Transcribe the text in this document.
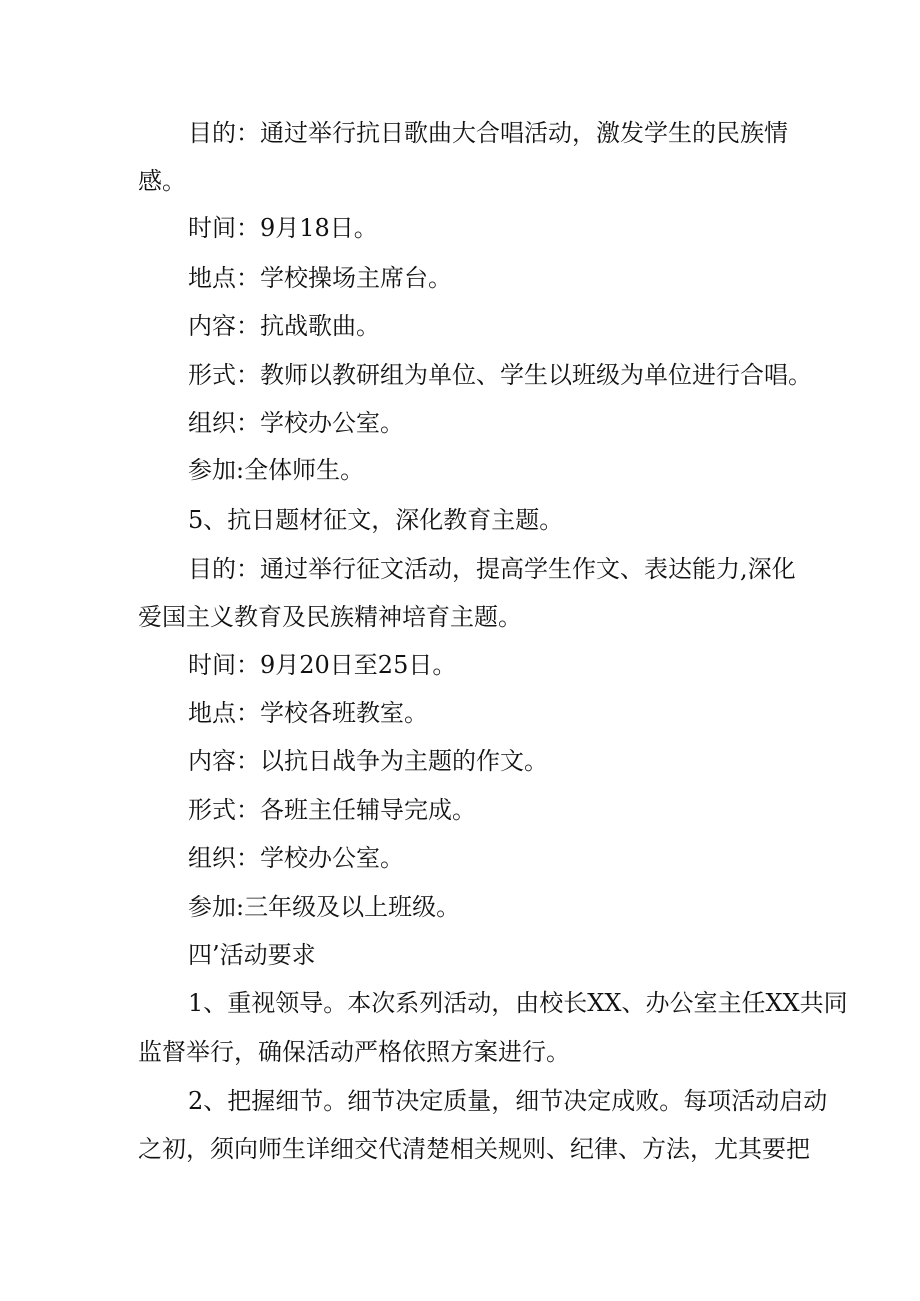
目的：通过举行抗日歌曲大合唱活动，激发学生的民族情
感。
时间：9月18日。
地点：学校操场主席台。
内容：抗战歌曲。
形式：教师以教研组为单位、学生以班级为单位进行合唱。
组织：学校办公室。
参加:全体师生。
5、抗日题材征文，深化教育主题。
目的：通过举行征文活动，提高学生作文、表达能力,深化
爱国主义教育及民族精神培育主题。
时间：9月20日至25日。
地点：学校各班教室。
内容：以抗日战争为主题的作文。
形式：各班主任辅导完成。
组织：学校办公室。
参加:三年级及以上班级。
四’活动要求
1、重视领导。本次系列活动，由校长XX、办公室主任XX共同
监督举行，确保活动严格依照方案进行。
2、把握细节。细节决定质量，细节决定成败。每项活动启动
之初，须向师生详细交代清楚相关规则、纪律、方法，尤其要把
